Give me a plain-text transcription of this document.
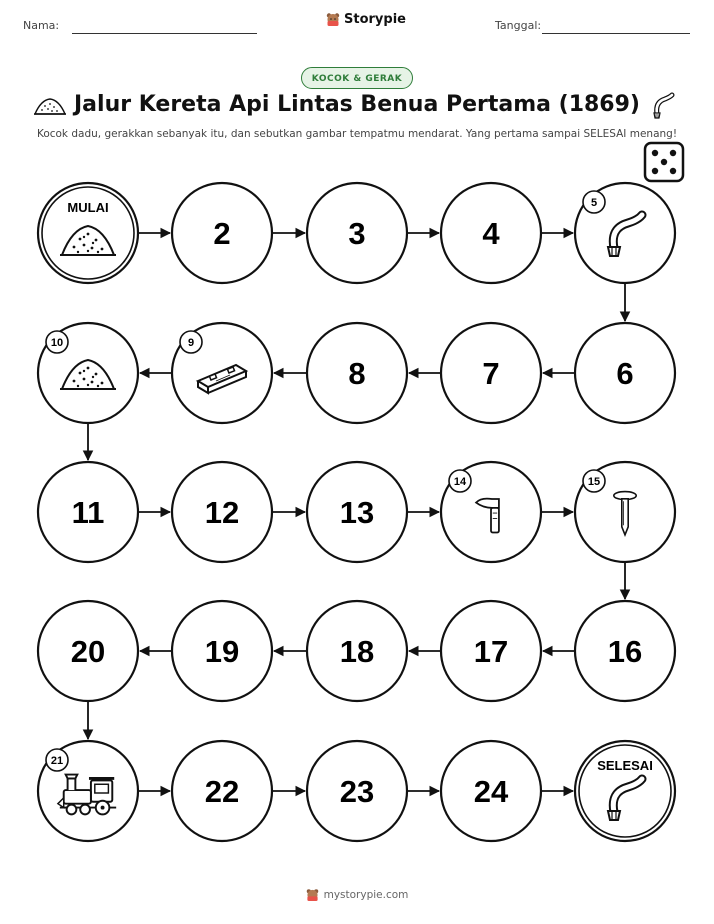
Nama:	Storypie	Tanggal:
KOCOK & GERAK
Jalur Kereta Api Lintas Benua Pertama (1869)
Kocok dadu, gerakkan sebanyak itu, dan sebutkan gambar tempatmu mendarat. Yang pertama sampai SELESAI menang!
MULAI
2	3	4
5
6
7
8
9
10
11	12	13
14	15
16
17
18
19
20
21
22	23	24
SELESAI
mystorypie.com
